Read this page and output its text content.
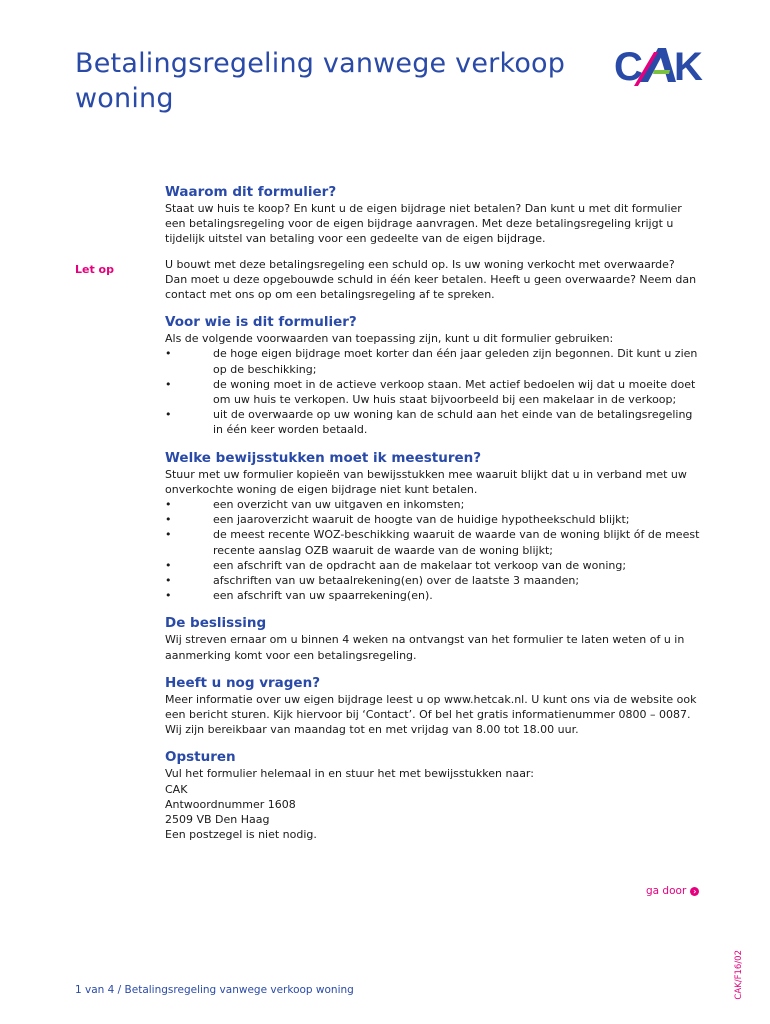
Betalingsregeling vanwege verkoop woning
C K
Let op
Waarom dit formulier?

Staat uw huis te koop? En kunt u de eigen bijdrage niet betalen? Dan kunt u met dit formulier een betalingsregeling voor de eigen bijdrage aanvragen. Met deze betalingsregeling krijgt u tijdelijk uitstel van betaling voor een gedeelte van de eigen bijdrage.

U bouwt met deze betalingsregeling een schuld op. Is uw woning verkocht met overwaarde? Dan moet u deze opgebouwde schuld in één keer betalen. Heeft u geen overwaarde? Neem dan contact met ons op om een betalingsregeling af te spreken.

Voor wie is dit formulier?

Als de volgende voorwaarden van toepassing zijn, kunt u dit formulier gebruiken:

• de hoge eigen bijdrage moet korter dan één jaar geleden zijn begonnen. Dit kunt u zien op de beschikking;
• de woning moet in de actieve verkoop staan. Met actief bedoelen wij dat u moeite doet om uw huis te verkopen. Uw huis staat bijvoorbeeld bij een makelaar in de verkoop;
• uit de overwaarde op uw woning kan de schuld aan het einde van de betalingsregeling in één keer worden betaald.
Welke bewijsstukken moet ik meesturen?

Stuur met uw formulier kopieën van bewijsstukken mee waaruit blijkt dat u in verband met uw onverkochte woning de eigen bijdrage niet kunt betalen.

• een overzicht van uw uitgaven en inkomsten;
• een jaaroverzicht waaruit de hoogte van de huidige hypotheekschuld blijkt;
• de meest recente WOZ-beschikking waaruit de waarde van de woning blijkt óf de meest recente aanslag OZB waaruit de waarde van de woning blijkt;
• een afschrift van de opdracht aan de makelaar tot verkoop van de woning;
• afschriften van uw betaalrekening(en) over de laatste 3 maanden;
• een afschrift van uw spaarrekening(en).
De beslissing

Wij streven ernaar om u binnen 4 weken na ontvangst van het formulier te laten weten of u in aanmerking komt voor een betalingsregeling.

Heeft u nog vragen?

Meer informatie over uw eigen bijdrage leest u op www.hetcak.nl. U kunt ons via de website ook een bericht sturen. Kijk hiervoor bij ‘Contact’. Of bel het gratis informatienummer 0800 – 0087. Wij zijn bereikbaar van maandag tot en met vrijdag van 8.00 tot 18.00 uur.

Opsturen

Vul het formulier helemaal in en stuur het met bewijsstukken naar:

CAK

Antwoordnummer 1608

2509 VB Den Haag

Een postzegel is niet nodig.

ga door ›
CAK/F16/02
1 van 4 / Betalingsregeling vanwege verkoop woning
